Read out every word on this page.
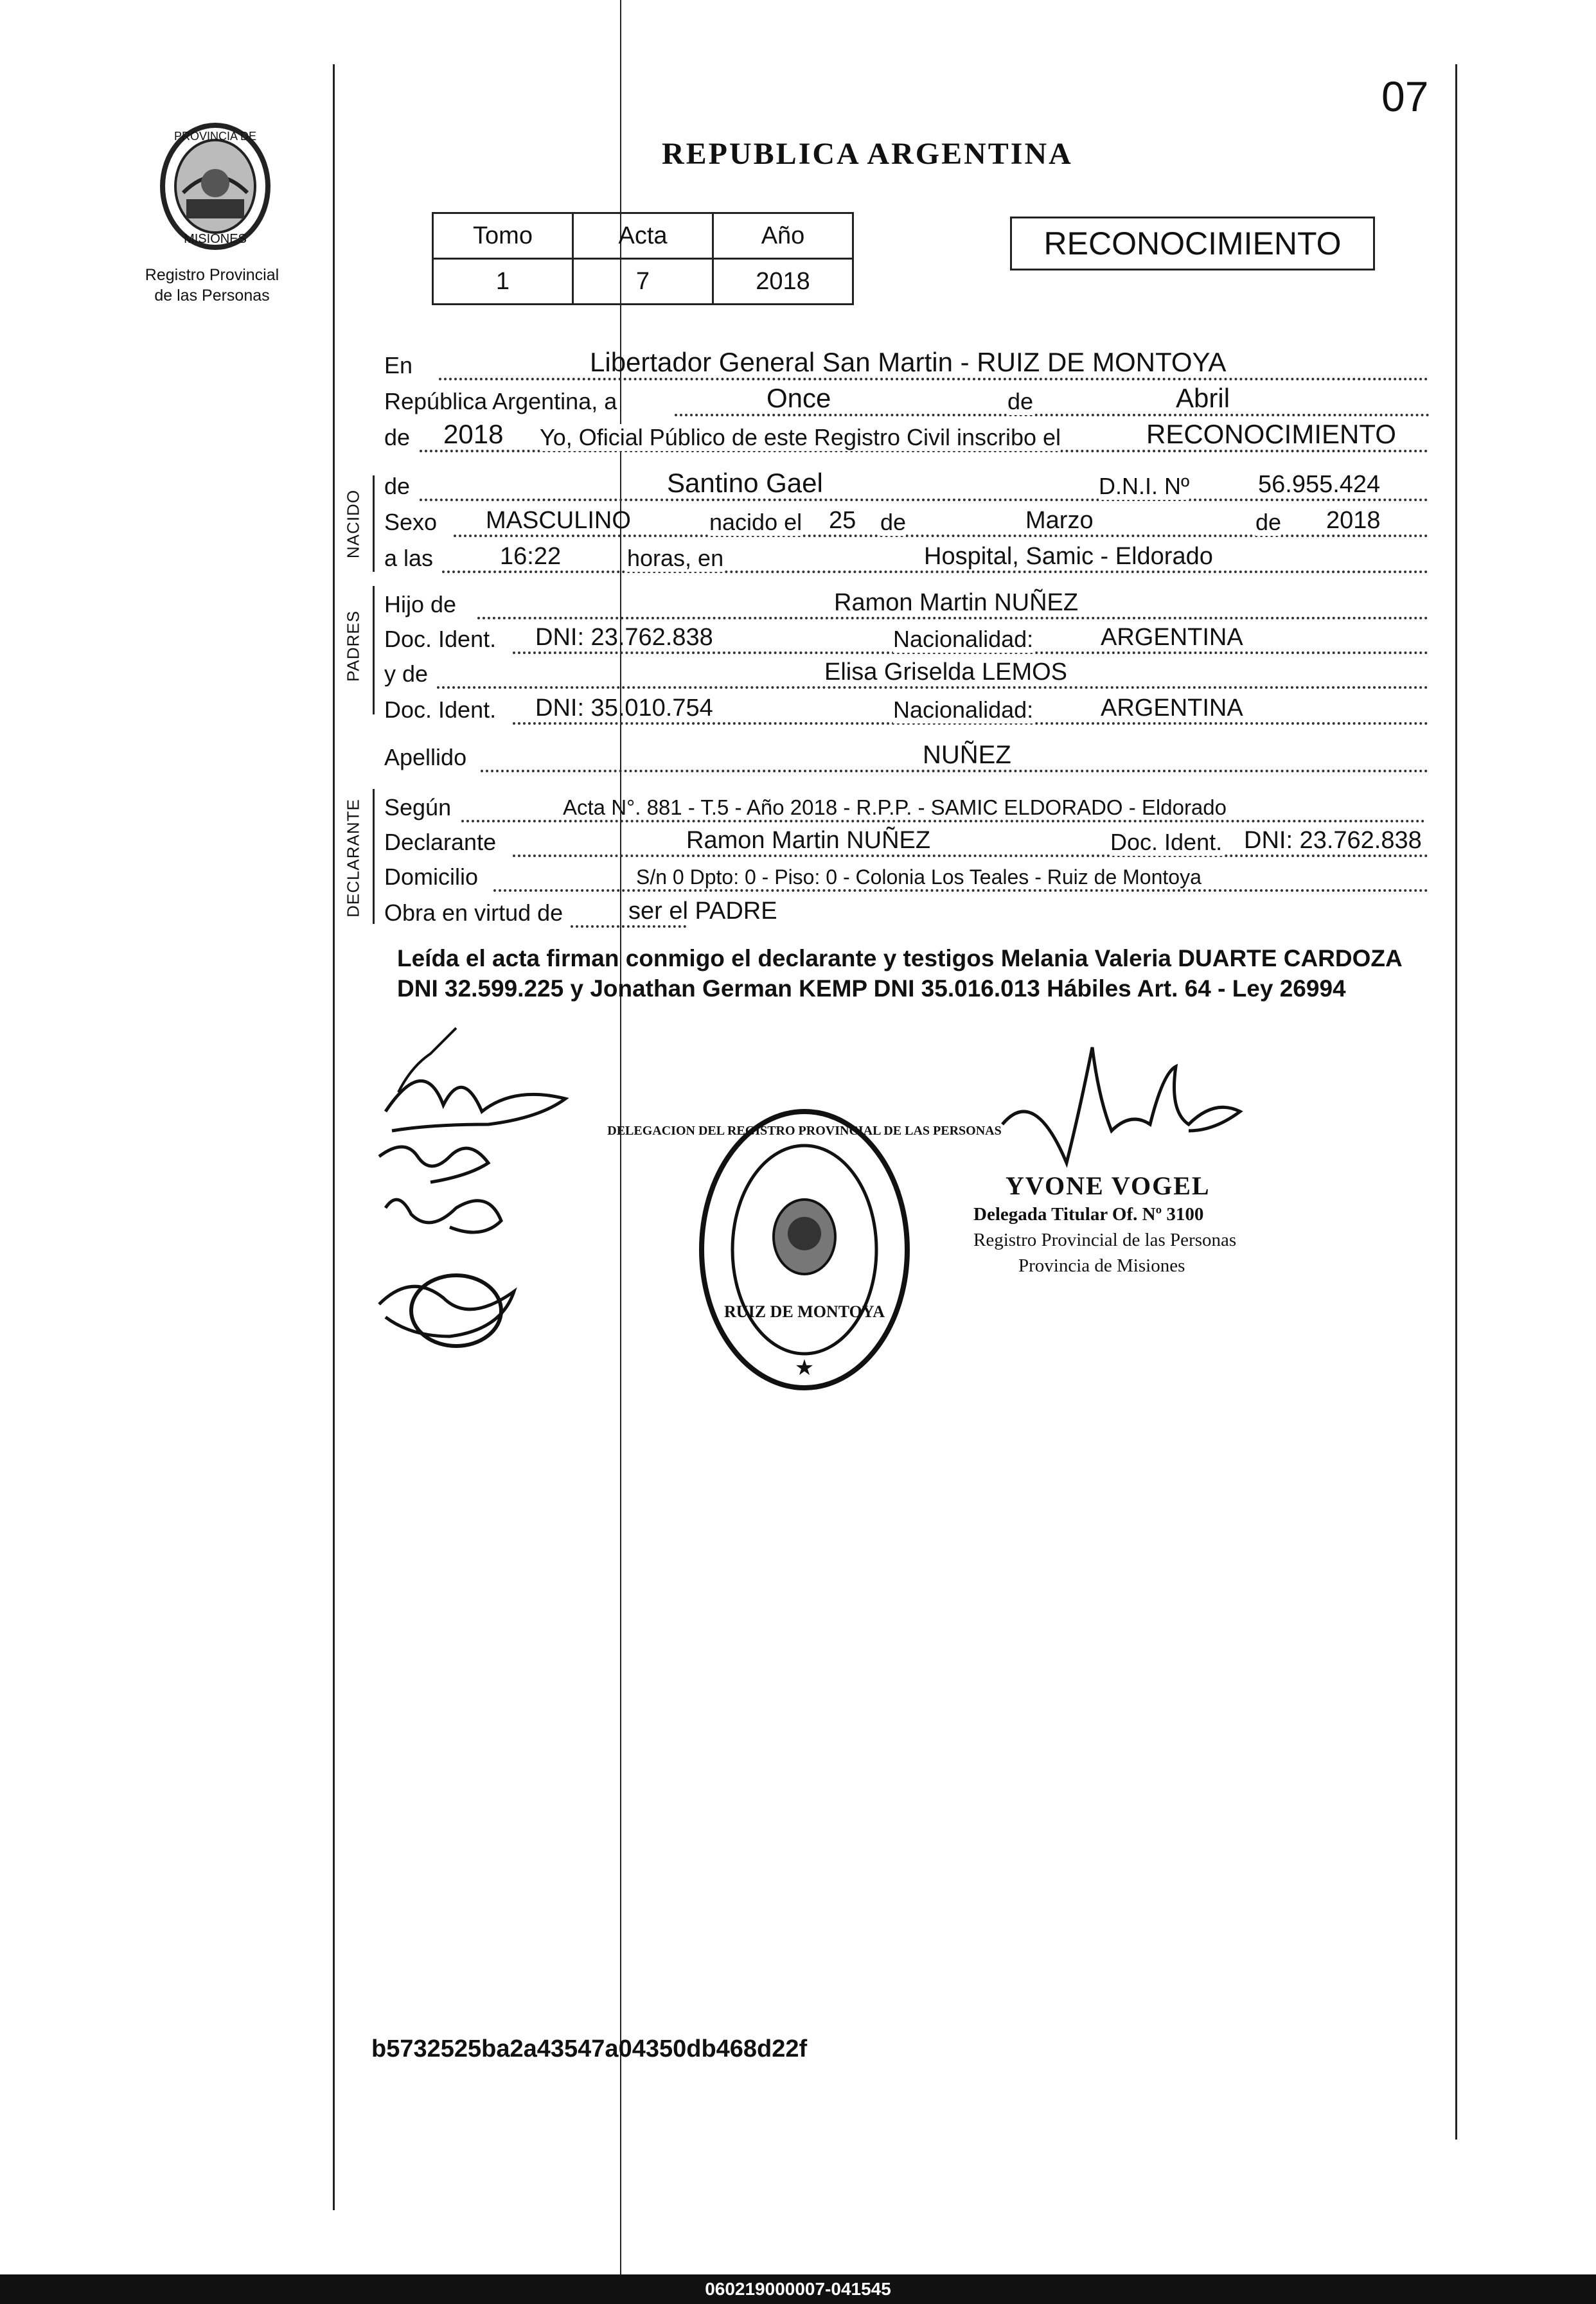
PROVINCIA DE
MISIONES
Registro Provincial
de las Personas
07
REPUBLICA ARGENTINA
Tomo	Acta	Año
1	7	2018
RECONOCIMIENTO
En	Libertador General San Martin - RUIZ DE MONTOYA
República Argentina, a	Once	de	Abril
de 2018 Yo, Oficial Público de este Registro Civil inscribo el	RECONOCIMIENTO
NACIDO
de	Santino Gael	D.N.I. Nº	56.955.424
Sexo MASCULINO	nacido el 25 de	Marzo	de 2018
a las	16:22	horas, en	Hospital, Samic - Eldorado
PADRES
Hijo de	Ramon Martin NUÑEZ
Doc. Ident. DNI: 23.762.838	Nacionalidad:	ARGENTINA
y de	Elisa Griselda LEMOS
Doc. Ident. DNI: 35.010.754	Nacionalidad:	ARGENTINA
Apellido	NUÑEZ
DECLARANTE Según	Acta N°. 881 - T.5 - Año 2018 - R.P.P. - SAMIC ELDORADO - Eldorado
Declarante	Ramon Martin NUÑEZ	Doc. Ident. DNI: 23.762.838
Domicilio	S/n 0 Dpto: 0 - Piso: 0 - Colonia Los Teales - Ruiz de Montoya
Obra en virtud de	ser el PADRE
Leída el acta firman conmigo el declarante y testigos Melania Valeria DUARTE CARDOZA DNI 32.599.225 y Jonathan German KEMP DNI 35.016.013 Hábiles Art. 64 - Ley 26994
RUIZ DE MONTOYA
DELEGACION DEL REGISTRO PROVINCIAL DE LAS PERSONAS
★
YVONE VOGEL
Delegada Titular Of. Nº 3100
Registro Provincial de las Personas
Provincia de Misiones
b5732525ba2a43547a04350db468d22f
060219000007-041545
